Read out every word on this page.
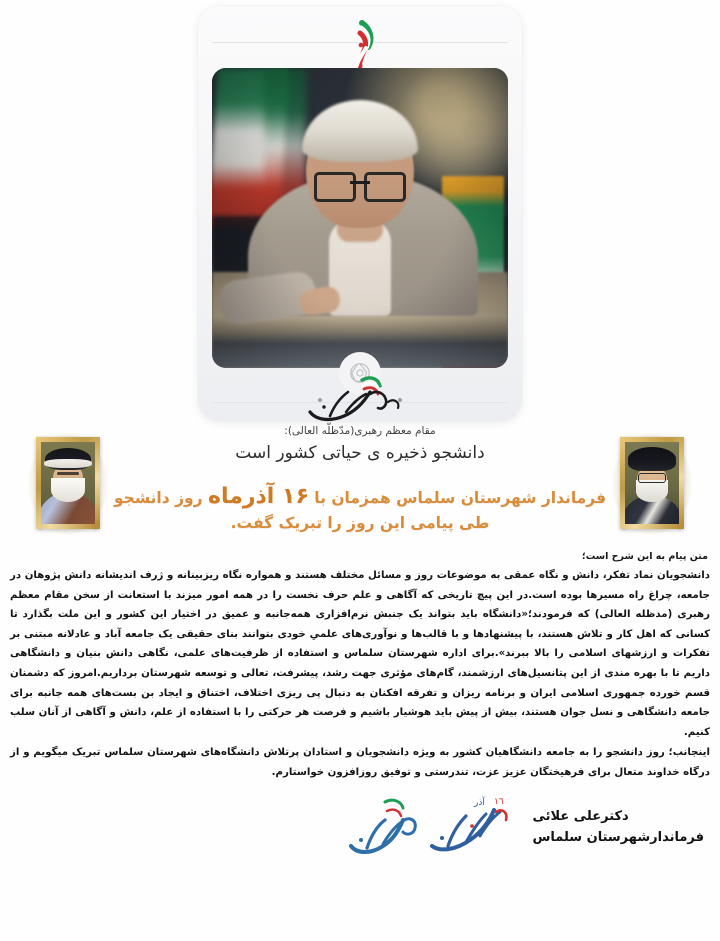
مقام معظم رهبری(مدّظلّه العالی):
دانشجو ذخیره ی حیاتی کشور است
فرماندار شهرستان سلماس همزمان با ۱۶ آذرماه روز دانشجو
طی پیامی این روز را تبریک گفت.
متن پیام به این شرح است؛

دانشجویان نماد تفکر، دانش و نگاه عمقی به موضوعات روز و مسائل مختلف هستند و همواره نگاه ریزبینانه و ژرف اندیشانه دانش پژوهان در جامعه، چراغ راه مسیرها بوده است.در این پیچ تاریخی که آگاهی و علم حرف نخست را در همه امور میزند با استعانت از سخن مقام معظم رهبری (مدظله العالی) که فرمودند؛«دانشگاه باید بتواند یک جنبش نرم‌افزاری همه‌جانبه و عمیق در اختیار این کشور و این ملت بگذارد تا کسانی که اهل کار و تلاش هستند، با پیشنهادها و با قالب‌ها و نوآوری‌های علمیِ خودی بتوانند بنای حقیقی یک جامعه آباد و عادلانه مبتنی بر تفکرات و ارزشهای اسلامی را بالا ببرند».برای اداره شهرستان سلماس و استفاده از ظرفیت‌های علمی، نگاهی دانش بنیان و دانشگاهی داریم تا با بهره مندی از این پتانسیل‌های ارزشمند، گام‌های مؤثری جهت رشد، پیشرفت، تعالی و توسعه شهرستان برداریم.امروز که دشمنان قسم خورده جمهوری اسلامی ایران و برنامه ریزان و تفرقه افکنان به دنبال پی ریزی اختلاف، اختناق و ایجاد بن بست‌های همه جانبه برای جامعه دانشگاهی و نسل جوان هستند، بیش از پیش باید هوشیار باشیم و فرصت هر حرکتی را با استفاده از علم، دانش و آگاهی از آنان سلب کنیم.

اینجانب؛ روز دانشجو را به جامعه دانشگاهیان کشور به ویژه دانشجویان و استادان پرتلاش دانشگاه‌های شهرستان سلماس تبریک میگویم و از درگاه خداوند متعال برای فرهیختگان عزیز عزت، تندرستی و توفیق روزافزون خواستارم.

دکترعلی علائی
فرماندارشهرستان سلماس
١٦
آذر
